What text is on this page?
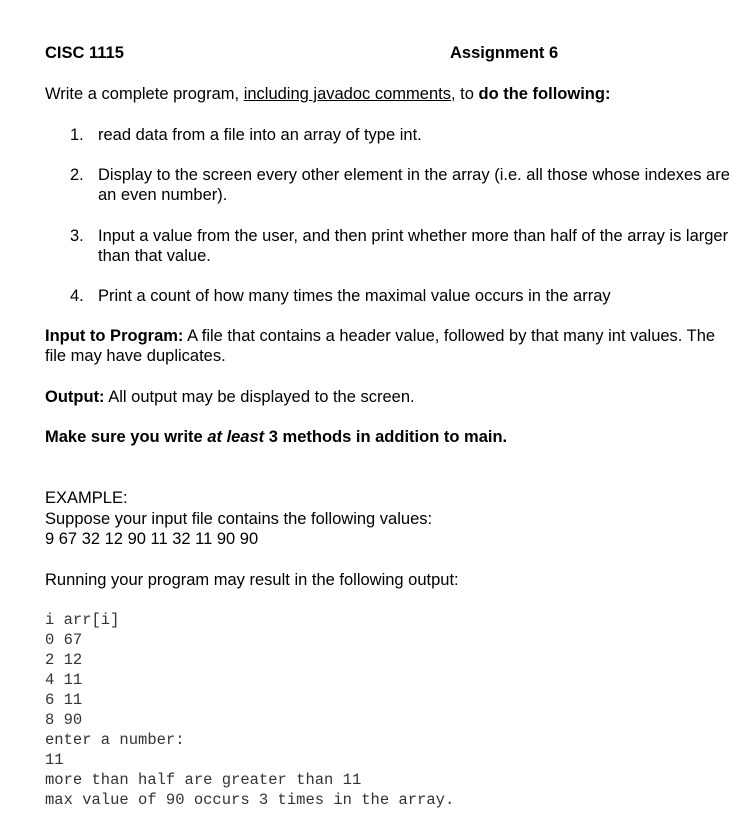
CISC 1115	Assignment 6
Write a complete program, including javadoc comments, to do the following:
1. read data from a file into an array of type int.
2. Display to the screen every other element in the array (i.e. all those whose indexes are an even number).
3. Input a value from the user, and then print whether more than half of the array is larger than that value.
4. Print a count of how many times the maximal value occurs in the array
Input to Program: A file that contains a header value, followed by that many int values. The file may have duplicates.
Output: All output may be displayed to the screen.
Make sure you write at least 3 methods in addition to main.
EXAMPLE:
Suppose your input file contains the following values:
9 67 32 12 90 11 32 11 90 90
Running your program may result in the following output:
i arr[i]
0 67
2 12
4 11
6 11
8 90
enter a number:
11
more than half are greater than 11
max value of 90 occurs 3 times in the array.
